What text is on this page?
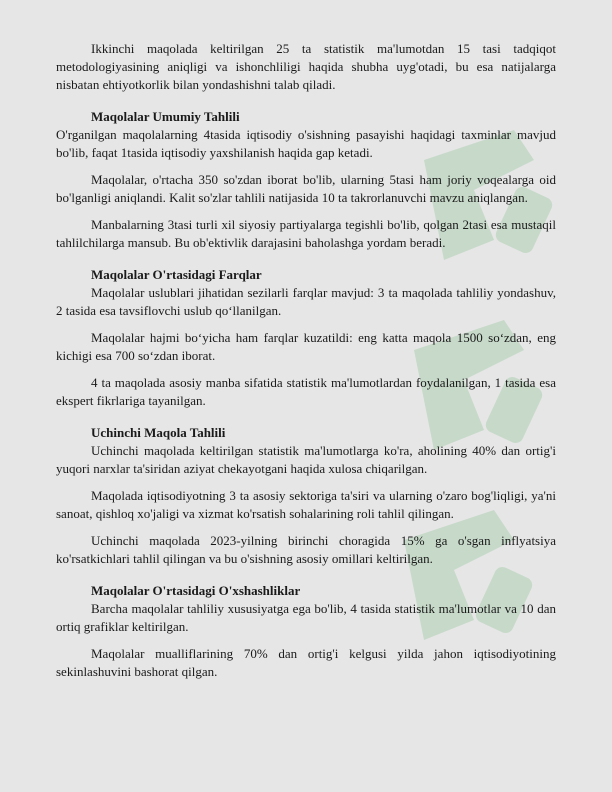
Ikkinchi maqolada keltirilgan 25 ta statistik ma'lumotdan 15 tasi tadqiqot metodologiyasining aniqligi va ishonchliligi haqida shubha uyg'otadi, bu esa natijalarga nisbatan ehtiyotkorlik bilan yondashishni talab qiladi.

Maqolalar Umumiy Tahlili

O'rganilgan maqolalarning 4tasida iqtisodiy o'sishning pasayishi haqidagi taxminlar mavjud bo'lib, faqat 1tasida iqtisodiy yaxshilanish haqida gap ketadi.

Maqolalar, o'rtacha 350 so'zdan iborat bo'lib, ularning 5tasi ham joriy voqealarga oid bo'lganligi aniqlandi. Kalit so'zlar tahlili natijasida 10 ta takrorlanuvchi mavzu aniqlangan.

Manbalarning 3tasi turli xil siyosiy partiyalarga tegishli bo'lib, qolgan 2tasi esa mustaqil tahlilchilarga mansub. Bu ob'ektivlik darajasini baholashga yordam beradi.

Maqolalar O'rtasidagi Farqlar

Maqolalar uslublari jihatidan sezilarli farqlar mavjud: 3 ta maqolada tahliliy yondashuv, 2 tasida esa tavsiflovchi uslub qo‘llanilgan.

Maqolalar hajmi bo‘yicha ham farqlar kuzatildi: eng katta maqola 1500 so‘zdan, eng kichigi esa 700 so‘zdan iborat.

4 ta maqolada asosiy manba sifatida statistik ma'lumotlardan foydalanilgan, 1 tasida esa ekspert fikrlariga tayanilgan.

Uchinchi Maqola Tahlili

Uchinchi maqolada keltirilgan statistik ma'lumotlarga ko'ra, aholining 40% dan ortig'i yuqori narxlar ta'siridan aziyat chekayotgani haqida xulosa chiqarilgan.

Maqolada iqtisodiyotning 3 ta asosiy sektoriga ta'siri va ularning o'zaro bog'liqligi, ya'ni sanoat, qishloq xo'jaligi va xizmat ko'rsatish sohalarining roli tahlil qilingan.

Uchinchi maqolada 2023-yilning birinchi choragida 15% ga o'sgan inflyatsiya ko'rsatkichlari tahlil qilingan va bu o'sishning asosiy omillari keltirilgan.

Maqolalar O'rtasidagi O'xshashliklar

Barcha maqolalar tahliliy xususiyatga ega bo'lib, 4 tasida statistik ma'lumotlar va 10 dan ortiq grafiklar keltirilgan.

Maqolalar mualliflarining 70% dan ortig'i kelgusi yilda jahon iqtisodiyotining sekinlashuvini bashorat qilgan.
